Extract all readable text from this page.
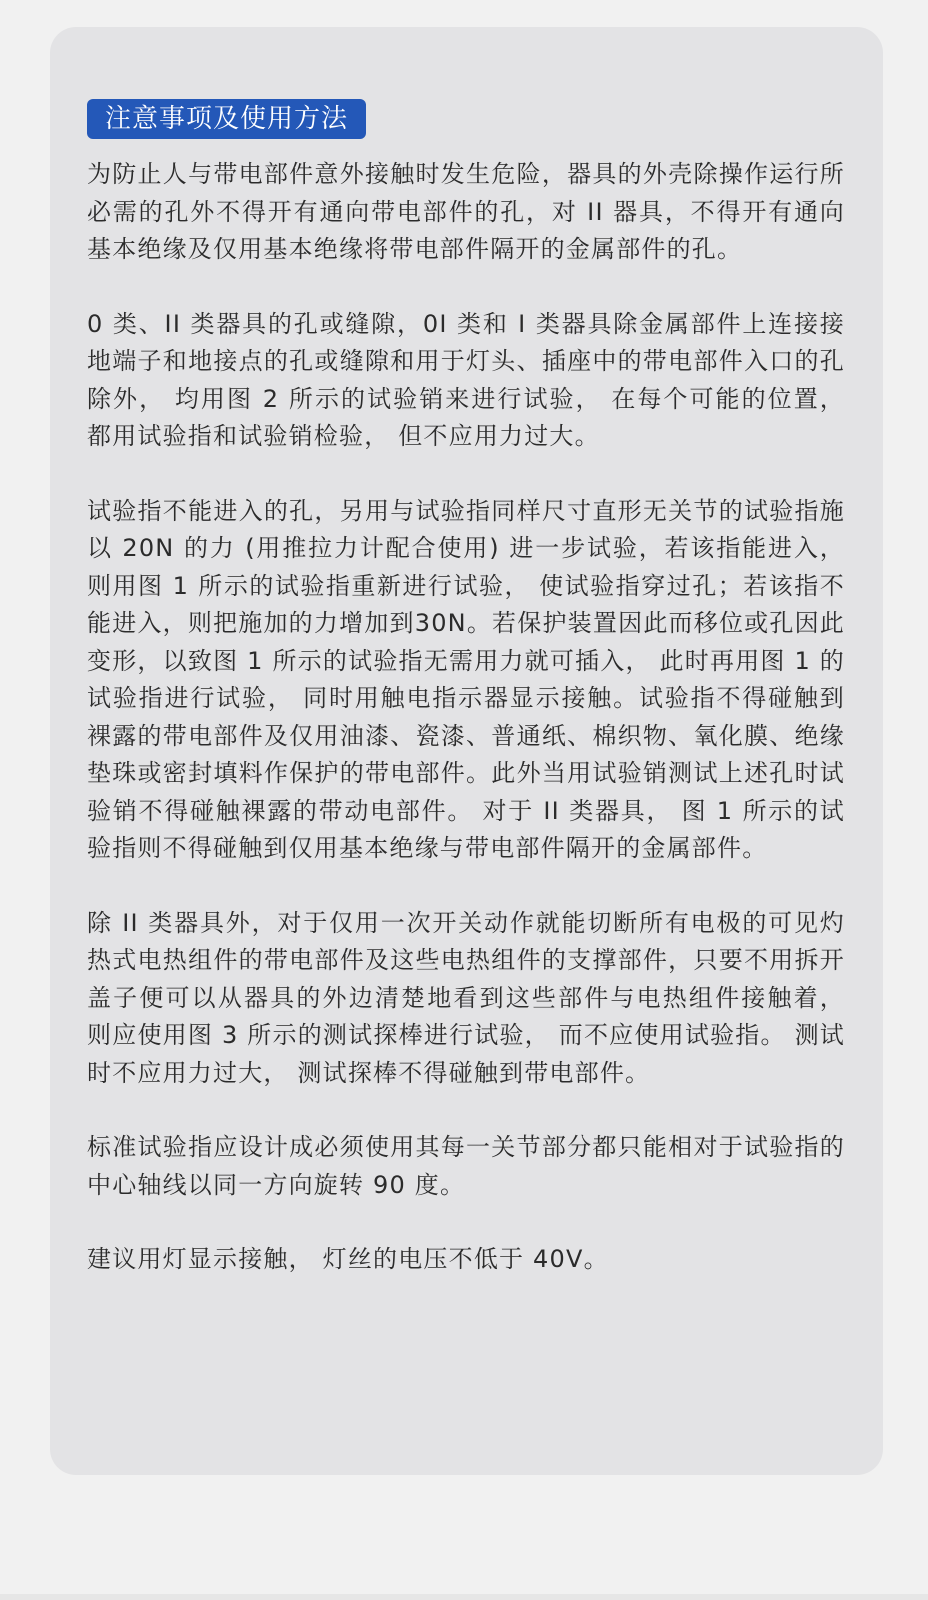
注意事项及使用方法

为防止人与带电部件意外接触时发生危险，器具的外壳除操作运行所必需的孔外不得开有通向带电部件的孔，对 II 器具，不得开有通向基本绝缘及仅用基本绝缘将带电部件隔开的金属部件的孔。

0 类、II 类器具的孔或缝隙，0I 类和 I 类器具除金属部件上连接接地端子和地接点的孔或缝隙和用于灯头、插座中的带电部件入口的孔除外， 均用图 2 所示的试验销来进行试验， 在每个可能的位置， 都用试验指和试验销检验， 但不应用力过大。

试验指不能进入的孔，另用与试验指同样尺寸直形无关节的试验指施以 20N 的力 (用推拉力计配合使用) 进一步试验，若该指能进入， 则用图 1 所示的试验指重新进行试验， 使试验指穿过孔；若该指不能进入，则把施加的力增加到30N。若保护装置因此而移位或孔因此变形，以致图 1 所示的试验指无需用力就可插入， 此时再用图 1 的试验指进行试验， 同时用触电指示器显示接触。试验指不得碰触到裸露的带电部件及仅用油漆、瓷漆、普通纸、棉织物、氧化膜、绝缘垫珠或密封填料作保护的带电部件。此外当用试验销测试上述孔时试验销不得碰触裸露的带动电部件。 对于 II 类器具， 图 1 所示的试验指则不得碰触到仅用基本绝缘与带电部件隔开的金属部件。

除 II 类器具外，对于仅用一次开关动作就能切断所有电极的可见灼热式电热组件的带电部件及这些电热组件的支撑部件，只要不用拆开盖子便可以从器具的外边清楚地看到这些部件与电热组件接触着， 则应使用图 3 所示的测试探棒进行试验， 而不应使用试验指。 测试时不应用力过大， 测试探棒不得碰触到带电部件。

标准试验指应设计成必须使用其每一关节部分都只能相对于试验指的中心轴线以同一方向旋转 90 度。

建议用灯显示接触， 灯丝的电压不低于 40V。
